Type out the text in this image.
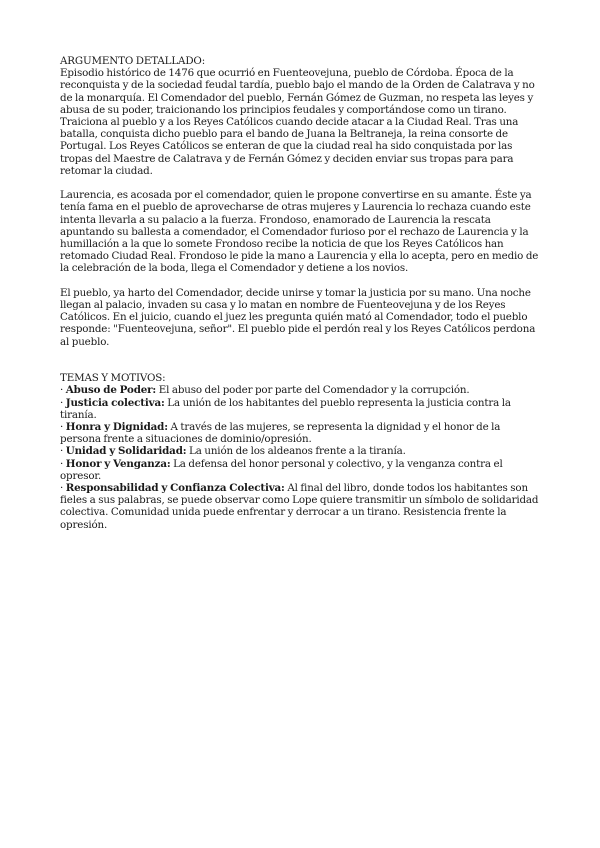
ARGUMENTO DETALLADO:

Episodio histórico de 1476 que ocurrió en Fuenteovejuna, pueblo de Córdoba. Época de la reconquista y de la sociedad feudal tardía, pueblo bajo el mando de la Orden de Calatrava y no de la monarquía. El Comendador del pueblo, Fernán Gómez de Guzman, no respeta las leyes y abusa de su poder, traicionando los principios feudales y comportándose como un tirano. Traiciona al pueblo y a los Reyes Católicos cuando decide atacar a la Ciudad Real. Tras una batalla, conquista dicho pueblo para el bando de Juana la Beltraneja, la reina consorte de Portugal. Los Reyes Católicos se enteran de que la ciudad real ha sido conquistada por las tropas del Maestre de Calatrava y de Fernán Gómez y deciden enviar sus tropas para para retomar la ciudad.

Laurencia, es acosada por el comendador, quien le propone convertirse en su amante. Éste ya tenía fama en el pueblo de aprovecharse de otras mujeres y Laurencia lo rechaza cuando este intenta llevarla a su palacio a la fuerza. Frondoso, enamorado de Laurencia la rescata apuntando su ballesta a comendador, el Comendador furioso por el rechazo de Laurencia y la humillación a la que lo somete Frondoso recibe la noticia de que los Reyes Católicos han retomado Ciudad Real. Frondoso le pide la mano a Laurencia y ella lo acepta, pero en medio de la celebración de la boda, llega el Comendador y detiene a los novios.

El pueblo, ya harto del Comendador, decide unirse y tomar la justicia por su mano. Una noche llegan al palacio, invaden su casa y lo matan en nombre de Fuenteovejuna y de los Reyes Católicos. En el juicio, cuando el juez les pregunta quién mató al Comendador, todo el pueblo responde: "Fuenteovejuna, señor". El pueblo pide el perdón real y los Reyes Católicos perdona al pueblo.

TEMAS Y MOTIVOS:

· Abuso de Poder: El abuso del poder por parte del Comendador y la corrupción.
· Justicia colectiva: La unión de los habitantes del pueblo representa la justicia contra la tiranía.
· Honra y Dignidad: A través de las mujeres, se representa la dignidad y el honor de la persona frente a situaciones de dominio/opresión.
· Unidad y Solidaridad: La unión de los aldeanos frente a la tiranía.
· Honor y Venganza: La defensa del honor personal y colectivo, y la venganza contra el opresor.
· Responsabilidad y Confianza Colectiva: Al final del libro, donde todos los habitantes son fieles a sus palabras, se puede observar como Lope quiere transmitir un símbolo de solidaridad colectiva. Comunidad unida puede enfrentar y derrocar a un tirano. Resistencia frente la opresión.
